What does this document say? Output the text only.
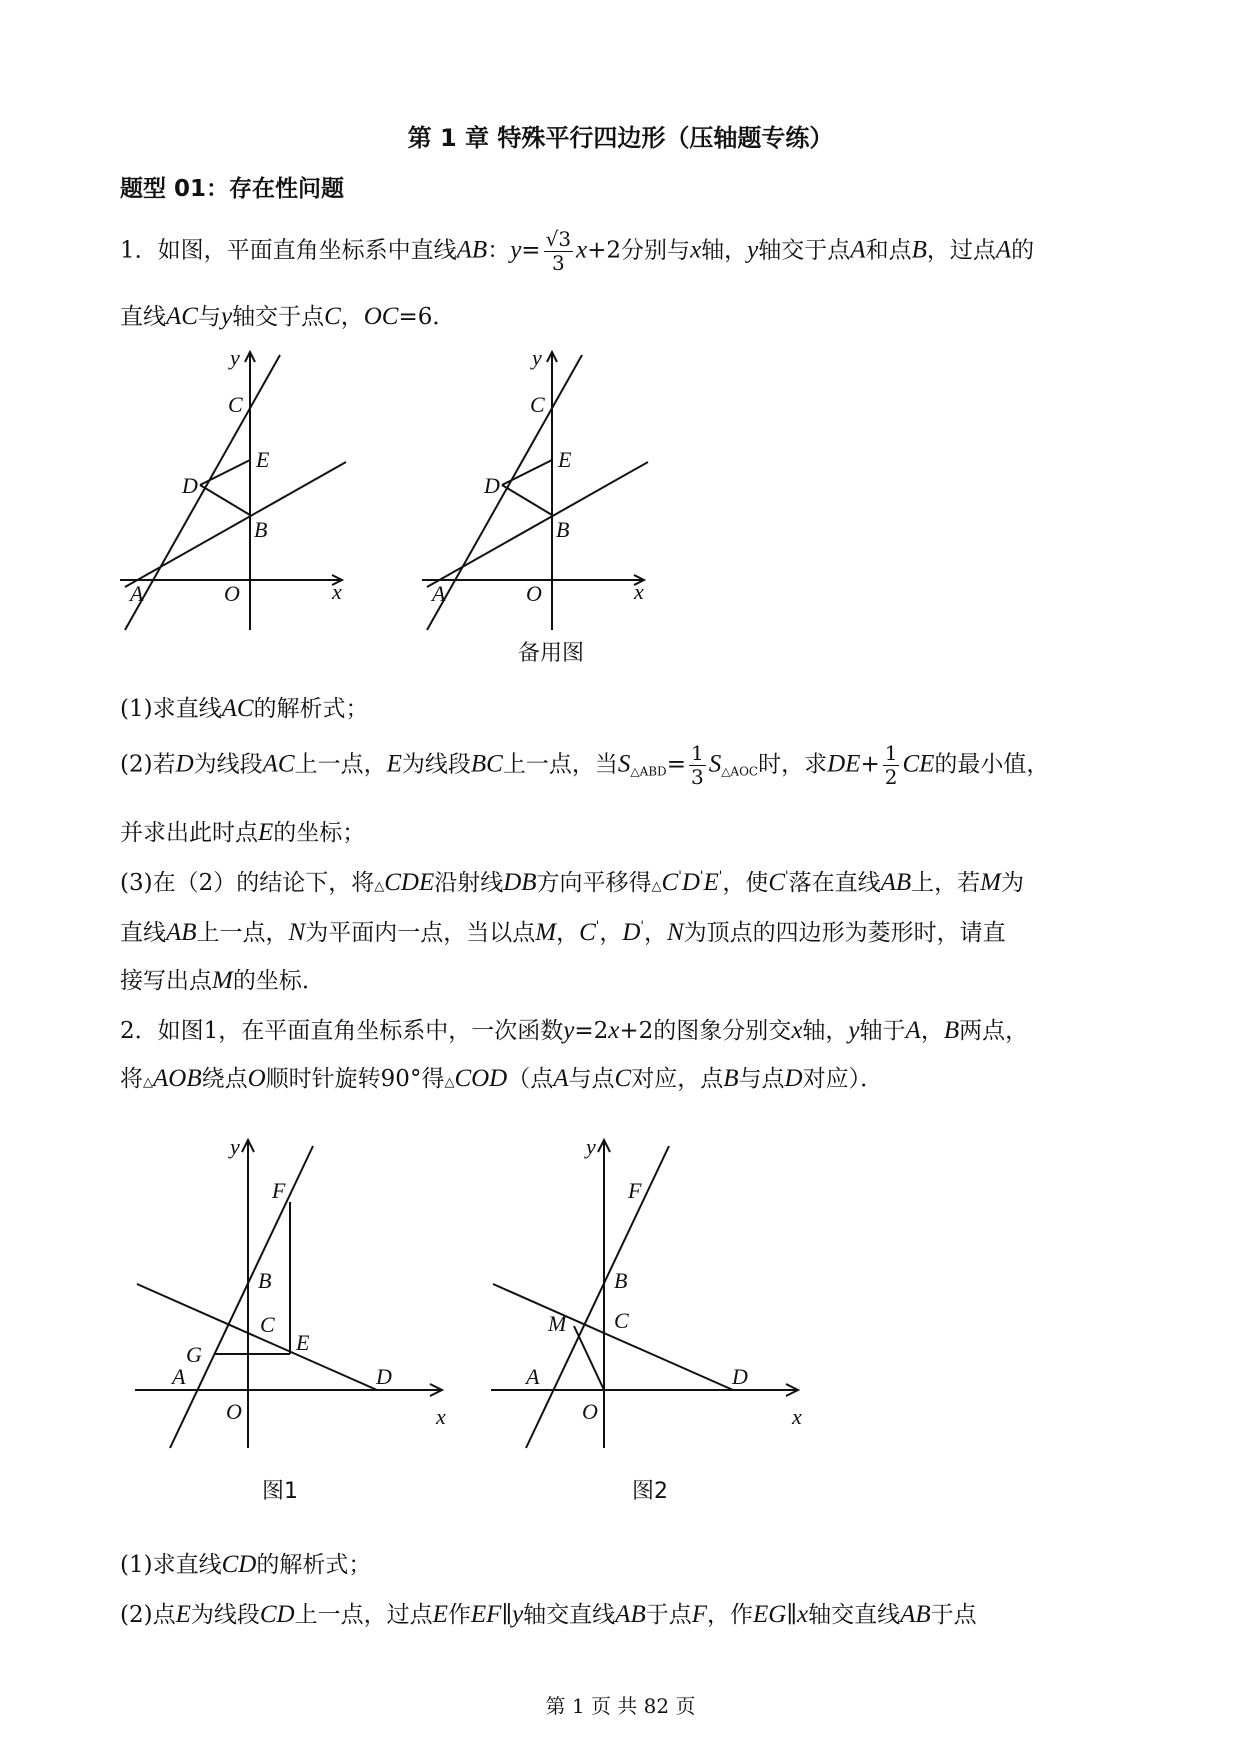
第 1 章 特殊平行四边形（压轴题专练）
题型 01：存在性问题
1．如图，平面直角坐标系中直线AB：$y= \frac{√3}{3} x+2$分别与x轴，y轴交于点A和点B，过点A的
直线AC与y轴交于点C，OC=6．
y
C
E
D
B
A	O	x
y
C
E
D
B
A	O	x
备用图
(1)求直线AC的解析式；
(2)若D为线段AC上一点，E为线段BC上一点，当$S_{\triangle ABD}= \frac{1}{3} S_{\triangle AOC}$时，求$DE+ \frac{1}{2}$ CE的最小值，
并求出此时点E的坐标；
(3)在（2）的结论下，将△CDE沿射线DB方向平移得△C'D'E'，使C'落在直线AB上，若M为
直线AB上一点，N为平面内一点，当以点M，C'，D'，N为顶点的四边形为菱形时，请直
接写出点M的坐标．
2．如图1，在平面直角坐标系中，一次函数y=2x+2的图象分别交x轴，y轴于A，B两点，
将△AOB绕点O顺时针旋转90°得△COD（点A与点C对应，点B与点D对应）．
y
F
B
C
E
G
A	D
O	x
图1
y
F
B
C
M
A	D
O	x
图2
(1)求直线CD的解析式；
(2)点E为线段CD上一点，过点E作EF∥y轴交直线AB于点F，作EG∥x轴交直线AB于点
第 1 页 共 82 页
